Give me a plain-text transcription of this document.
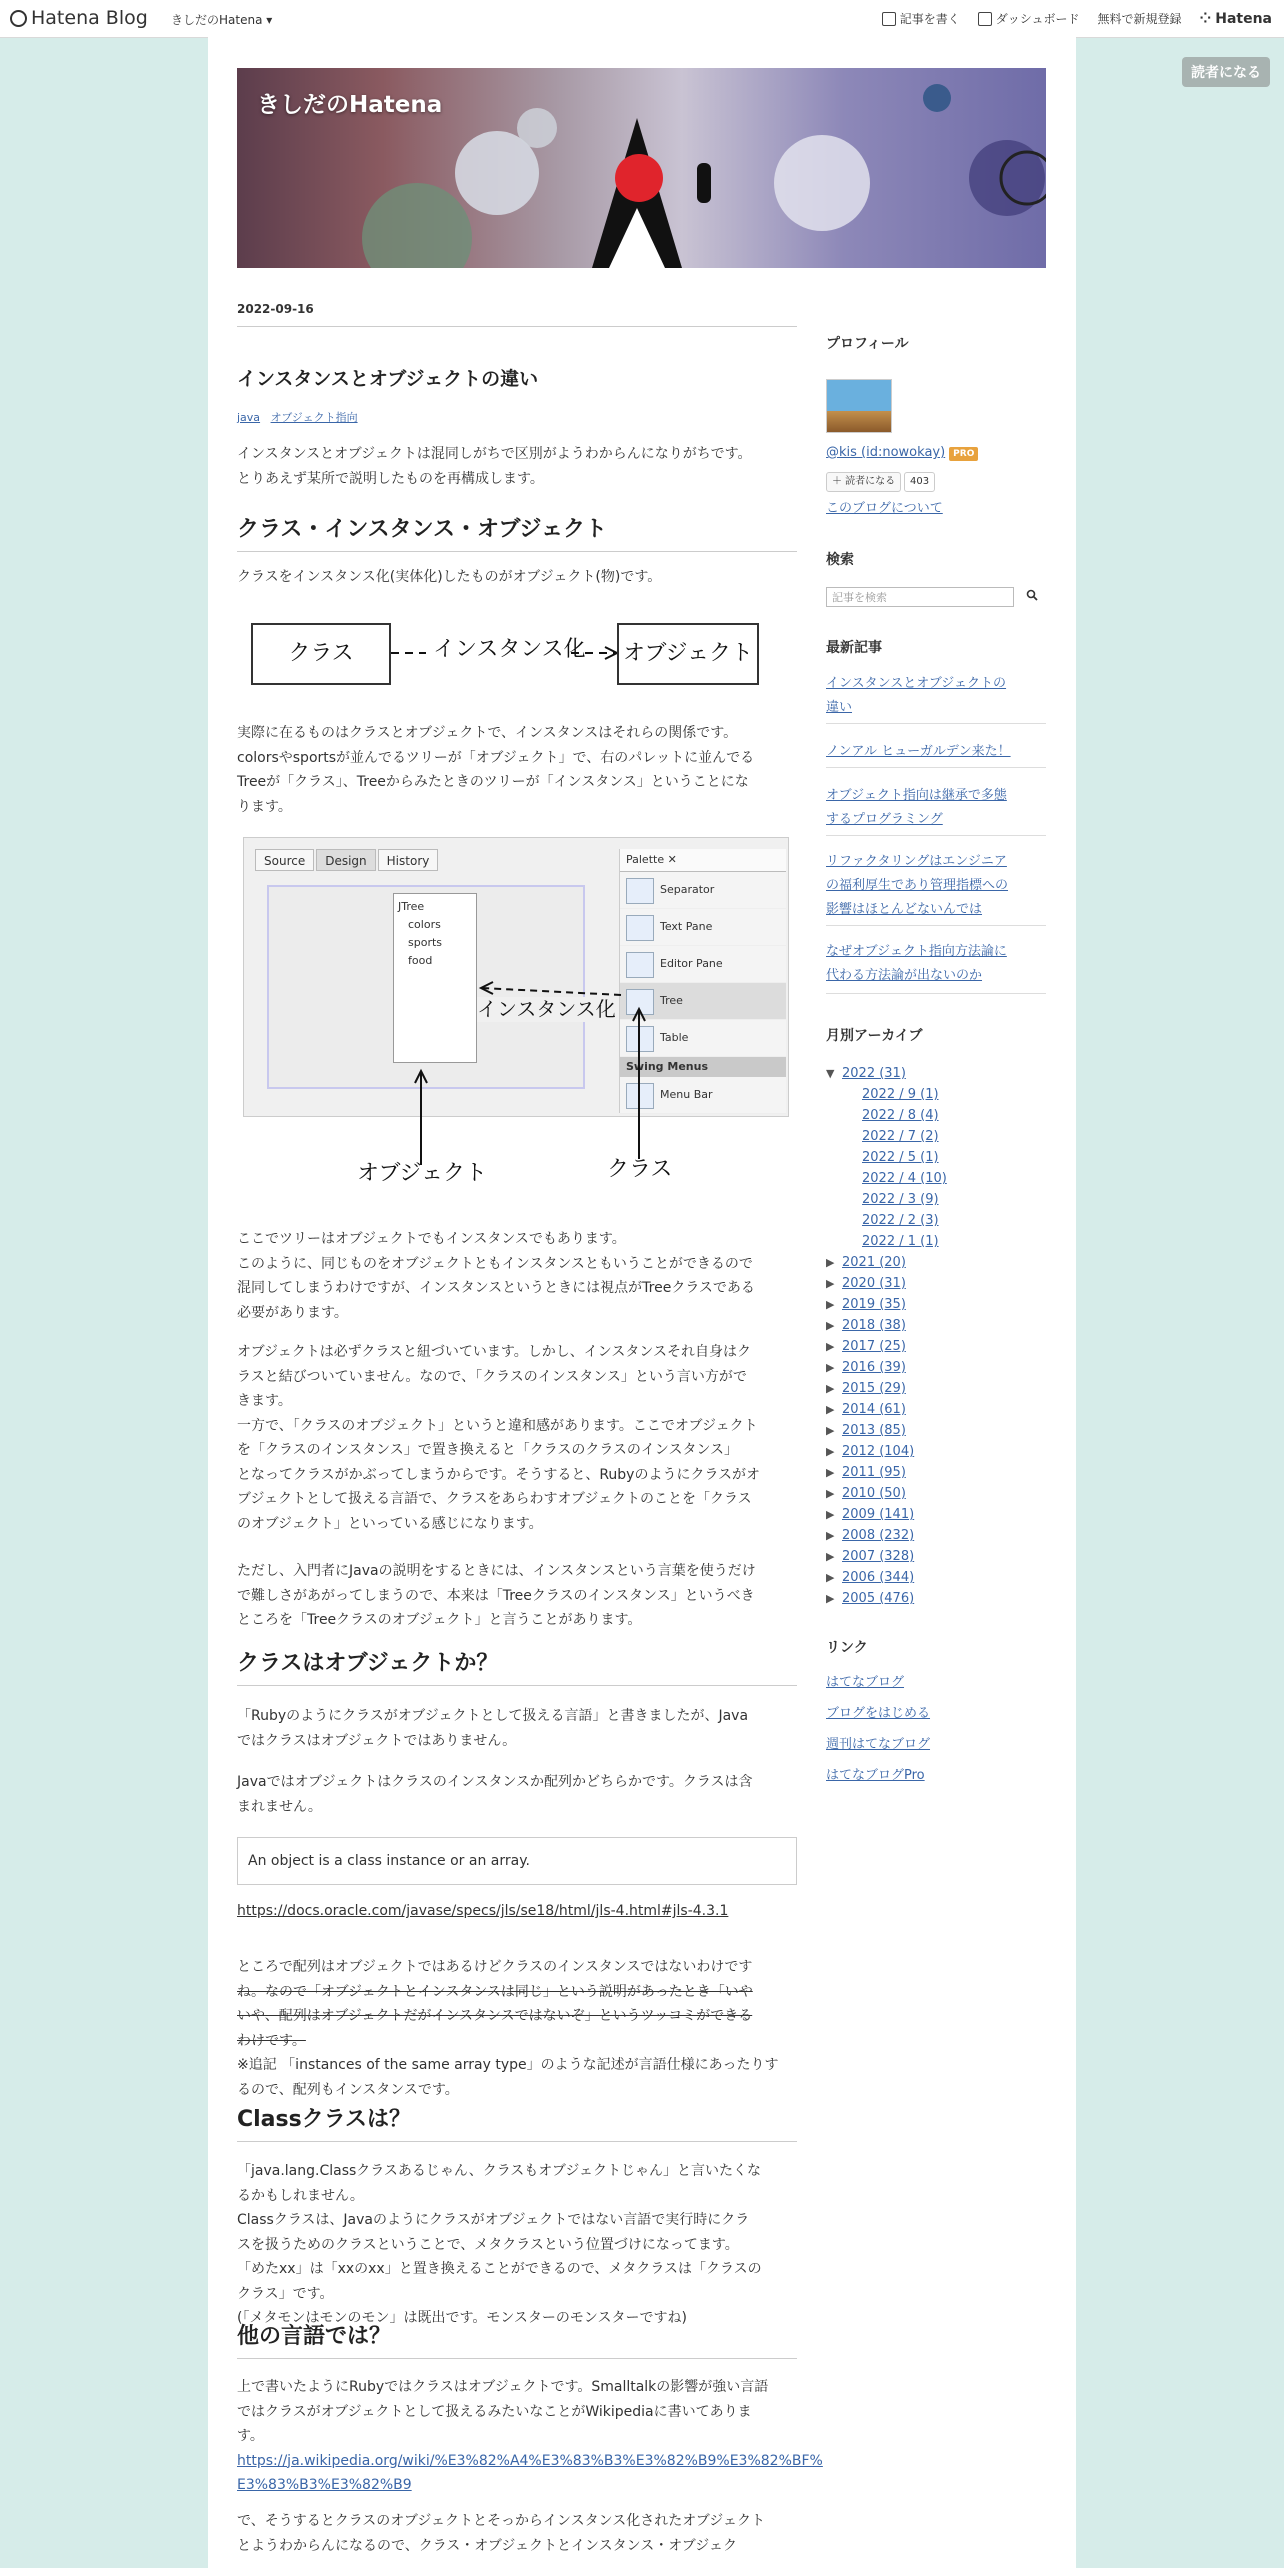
Hatena Blog きしだのHatena ▾	記事を書く	ダッシュボード 無料で新規登録 ⁘ Hatena
読者になる
きしだのHatena
2022-09-16
インスタンスとオブジェクトの違い
java オブジェクト指向
インスタンスとオブジェクトは混同しがちで区別がようわからんになりがちです。
とりあえず某所で説明したものを再構成します。
クラス・インスタンス・オブジェクト
クラスをインスタンス化(実体化)したものがオブジェクト(物)です。
クラス	インスタンス化 オブジェクト
実際に在るものはクラスとオブジェクトで、インスタンスはそれらの関係です。
colorsやsportsが並んでるツリーが「オブジェクト」で、右のパレットに並んでる
Treeが「クラス」、Treeからみたときのツリーが「インスタンス」ということにな
ります。
Source	Design	History
JTree
colors
sports
food
Palette ✕
Separator
Text Pane
Editor Pane
Tree
Table
Swing Menus
Menu Bar
インスタンス化
オブジェクト	クラス
ここでツリーはオブジェクトでもインスタンスでもあります。
このように、同じものをオブジェクトともインスタンスともいうことができるので
混同してしまうわけですが、インスタンスというときには視点がTreeクラスである
必要があります。
オブジェクトは必ずクラスと紐づいています。しかし、インスタンスそれ自身はク
ラスと結びついていません。なので、「クラスのインスタンス」という言い方がで
きます。
一方で、「クラスのオブジェクト」というと違和感があります。ここでオブジェクト
を「クラスのインスタンス」で置き換えると「クラスのクラスのインスタンス」
となってクラスがかぶってしまうからです。そうすると、Rubyのようにクラスがオ
ブジェクトとして扱える言語で、クラスをあらわすオブジェクトのことを「クラス
のオブジェクト」といっている感じになります。
ただし、入門者にJavaの説明をするときには、インスタンスという言葉を使うだけ
で難しさがあがってしまうので、本来は「Treeクラスのインスタンス」というべき
ところを「Treeクラスのオブジェクト」と言うことがあります。
クラスはオブジェクトか？
「Rubyのようにクラスがオブジェクトとして扱える言語」と書きましたが、Java
ではクラスはオブジェクトではありません。
Javaではオブジェクトはクラスのインスタンスか配列かどちらかです。クラスは含
まれません。
An object is a class instance or an array.
https://docs.oracle.com/javase/specs/jls/se18/html/jls-4.html#jls-4.3.1
ところで配列はオブジェクトではあるけどクラスのインスタンスではないわけです
ね。なので「オブジェクトとインスタンスは同じ」という説明があったとき「いや
いや、配列はオブジェクトだがインスタンスではないぞ」というツッコミができる
わけです。
※追記 「instances of the same array type」のような記述が言語仕様にあったりす
るので、配列もインスタンスです。
Classクラスは？
「java.lang.Classクラスあるじゃん、クラスもオブジェクトじゃん」と言いたくな
るかもしれません。
Classクラスは、Javaのようにクラスがオブジェクトではない言語で実行時にクラ
スを扱うためのクラスということで、メタクラスという位置づけになってます。
「めたxx」は「xxのxx」と置き換えることができるので、メタクラスは「クラスの
クラス」です。
(「メタモンはモンのモン」は既出です。モンスターのモンスターですね)
他の言語では？
上で書いたようにRubyではクラスはオブジェクトです。Smalltalkの影響が強い言語
ではクラスがオブジェクトとして扱えるみたいなことがWikipediaに書いてありま
す。
https://ja.wikipedia.org/wiki/%E3%82%A4%E3%83%B3%E3%82%B9%E3%82%BF%
E3%83%B3%E3%82%B9
で、そうするとクラスのオブジェクトとそっからインスタンス化されたオブジェクト
とようわからんになるので、クラス・オブジェクトとインスタンス・オブジェク
プロフィール
@kis (id:nowokay) PRO
＋ 読者になる	403
このブログについて
検索
記事を検索
最新記事
インスタンスとオブジェクトの
違い
ノンアル ヒューガルデン来た！
オブジェクト指向は継承で多態
するプログラミング
リファクタリングはエンジニア
の福利厚生であり管理指標への
影響はほとんどないんでは
なぜオブジェクト指向方法論に
代わる方法論が出ないのか
月別アーカイブ
▼ 2022 (31)
2022 / 9 (1)
2022 / 8 (4)
2022 / 7 (2)
2022 / 5 (1)
2022 / 4 (10)
2022 / 3 (9)
2022 / 2 (3)
2022 / 1 (1)
▶ 2021 (20)
▶ 2020 (31)
▶ 2019 (35)
▶ 2018 (38)
▶ 2017 (25)
▶ 2016 (39)
▶ 2015 (29)
▶ 2014 (61)
▶ 2013 (85)
▶ 2012 (104)
▶ 2011 (95)
▶ 2010 (50)
▶ 2009 (141)
▶ 2008 (232)
▶ 2007 (328)
▶ 2006 (344)
▶ 2005 (476)
リンク
はてなブログ
ブログをはじめる
週刊はてなブログ
はてなブログPro
